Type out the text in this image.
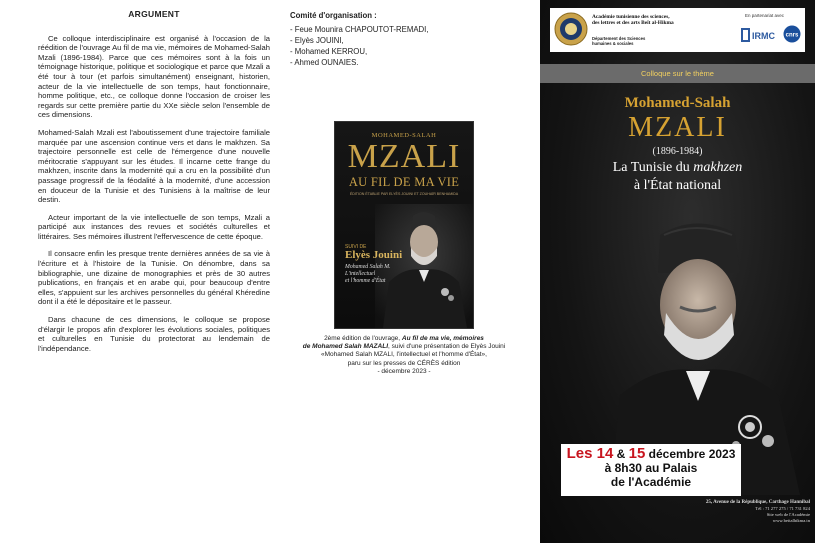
ARGUMENT

Ce colloque interdisciplinaire est organisé à l'occasion de la réédition de l'ouvrage Au fil de ma vie, mémoires de Mohamed-Salah Mzali (1896-1984). Parce que ces mémoires sont à la fois un témoignage historique, politique et sociologique et parce que Mzali a été tour à tour (et parfois simultanément) enseignant, historien, acteur de la vie intellectuelle de son temps, haut fonctionnaire, homme politique, etc., ce colloque donne l'occasion de croiser les regards sur cette première partie du XXe siècle selon l'ensemble de ces dimensions.

Mohamed-Salah Mzali est l'aboutissement d'une trajectoire familiale marquée par une ascension continue vers et dans le makhzen. Sa trajectoire personnelle est celle de l'émergence d'une nouvelle méritocratie s'appuyant sur les études. Il incarne cette frange du makhzen, inscrite dans la modernité qui a cru en la possibilité d'un passage progressif de la féodalité à la modernité, d'une accession en douceur de la Tunisie et des Tunisiens à la maîtrise de leur destin.

Acteur important de la vie intellectuelle de son temps, Mzali a participé aux instances des revues et sociétés culturelles et littéraires. Ses mémoires illustrent l'effervescence de cette époque.

Il consacre enfin les presque trente dernières années de sa vie à l'écriture et à l'histoire de la Tunisie. On dénombre, dans sa bibliographie, une dizaine de monographies et près de 30 autres publications, en français et en arabe qui, pour beaucoup d'entre elles, s'appuient sur les archives personnelles du général Khéredine dont il a été le dépositaire et le passeur.

Dans chacune de ces dimensions, le colloque se propose d'élargir le propos afin d'explorer les évolutions sociales, politiques et culturelles en Tunisie du protectorat au lendemain de l'indépendance.

Comité d'organisation :
- Feue Mounira CHAPOUTOT-REMADI,
- Elyès JOUINI,
- Mohamed KERROU,
- Ahmed OUNAIES.
MOHAMED-SALAH
MZALI
AU FIL DE MA VIE
ÉDITION ÉTABLIE PAR ELYÈS JOUINI ET ZOUHAÏR BENHAMIDA
SUIVI DE
Elyès Jouini
Mohamed Salah M.
L'intellectuel
et l'homme d'État
2ème édition de l'ouvrage, Au fil de ma vie, mémoires
de Mohamed Salah MAZALI, suivi d'une présentation de Elyès Jouini
«Mohamed Salah MZALI, l'intellectuel et l'homme d'État»,
paru sur les presses de CÉRÈS édition
- décembre 2023 -
Académie tunisienne des sciences,
des lettres et des arts Beït al-Hikma
Département des Sciences
humaines & sociales
En partenariat avec
IRMC cnrs
Colloque sur le thème
Mohamed-Salah
MZALI
(1896-1984)
La Tunisie du makhzen
à l'État national
Les 14 & 15 décembre 2023
à 8h30 au Palais
de l'Académie
25, Avenue de la République, Carthage Hannibal
Tél : 71 277 275 / 71 731 824
Site web de l'Académie
www.beitalhikma.tn
